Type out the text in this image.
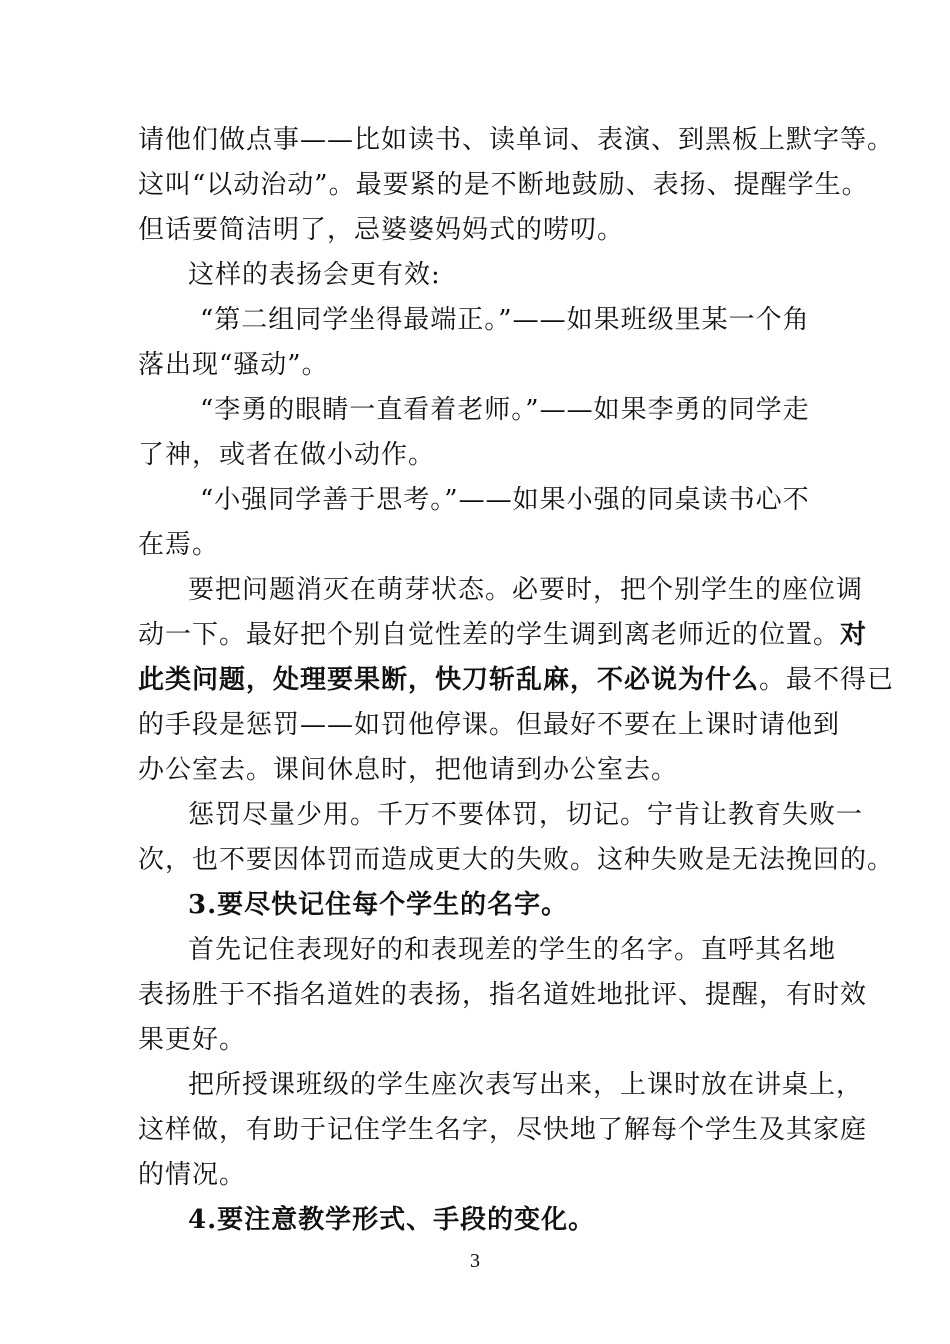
请他们做点事——比如读书、读单词、表演、到黑板上默字等。
这叫“以动治动”。最要紧的是不断地鼓励、表扬、提醒学生。
但话要简洁明了，忌婆婆妈妈式的唠叨。
这样的表扬会更有效:
“第二组同学坐得最端正。”——如果班级里某一个角
落出现“骚动”。
“李勇的眼睛一直看着老师。”——如果李勇的同学走
了神，或者在做小动作。
“小强同学善于思考。”——如果小强的同桌读书心不
在焉。
要把问题消灭在萌芽状态。必要时，把个别学生的座位调
动一下。最好把个别自觉性差的学生调到离老师近的位置。对
此类问题，处理要果断，快刀斩乱麻，不必说为什么。最不得已
的手段是惩罚——如罚他停课。但最好不要在上课时请他到
办公室去。课间休息时，把他请到办公室去。
惩罚尽量少用。千万不要体罚，切记。宁肯让教育失败一
次，也不要因体罚而造成更大的失败。这种失败是无法挽回的。
3.要尽快记住每个学生的名字。
首先记住表现好的和表现差的学生的名字。直呼其名地
表扬胜于不指名道姓的表扬，指名道姓地批评、提醒，有时效
果更好。
把所授课班级的学生座次表写出来，上课时放在讲桌上，
这样做，有助于记住学生名字，尽快地了解每个学生及其家庭
的情况。
4.要注意教学形式、手段的变化。
3
